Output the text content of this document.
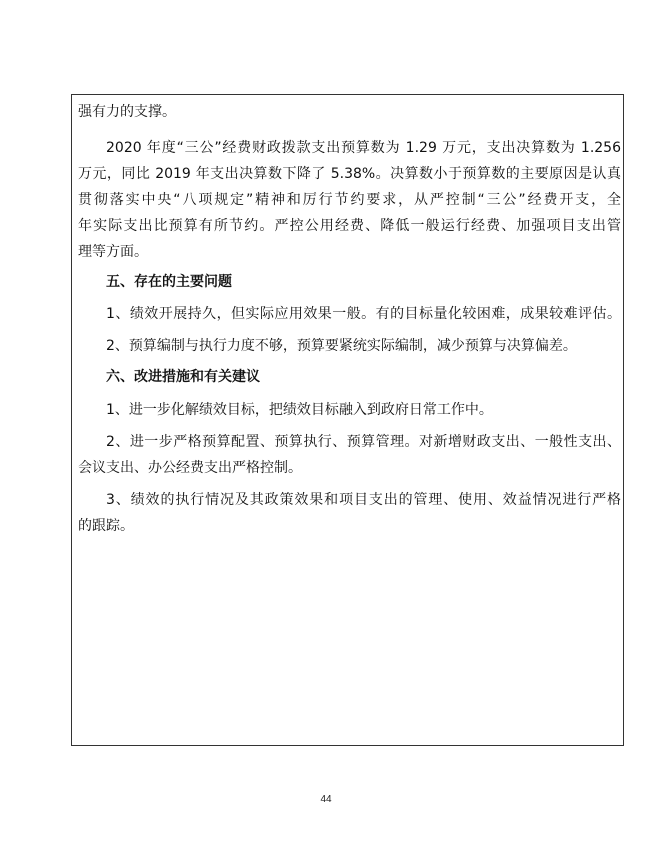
强有力的支撑。

2020 年度“三公”经费财政拨款支出预算数为 1.29 万元，支出决算数为 1.256

万元，同比 2019 年支出决算数下降了 5.38%。决算数小于预算数的主要原因是认真

贯彻落实中央“八项规定”精神和厉行节约要求，从严控制“三公”经费开支，全

年实际支出比预算有所节约。严控公用经费、降低一般运行经费、加强项目支出管

理等方面。

五、存在的主要问题

1、绩效开展持久，但实际应用效果一般。有的目标量化较困难，成果较难评估。

2、预算编制与执行力度不够，预算要紧统实际编制，减少预算与决算偏差。

六、改进措施和有关建议

1、进一步化解绩效目标，把绩效目标融入到政府日常工作中。

2、进一步严格预算配置、预算执行、预算管理。对新增财政支出、一般性支出、

会议支出、办公经费支出严格控制。

3、绩效的执行情况及其政策效果和项目支出的管理、使用、效益情况进行严格

的跟踪。

44
